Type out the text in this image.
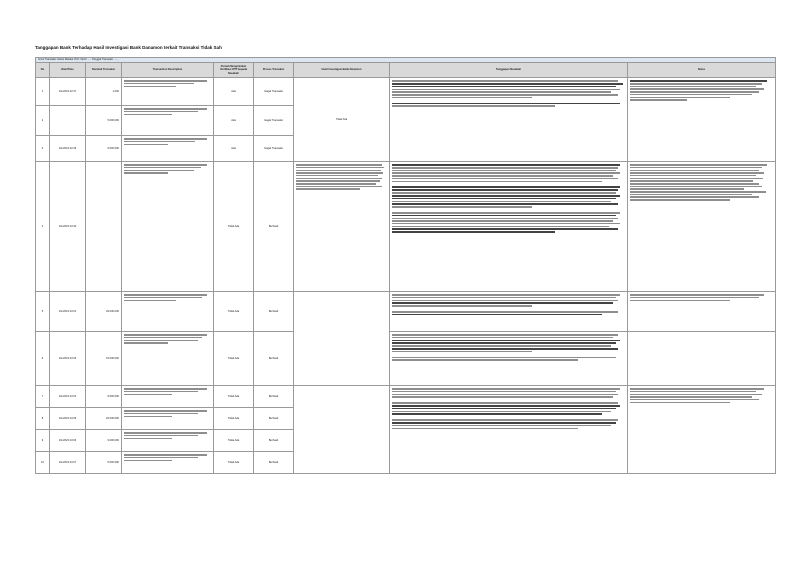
Tanggapan Bank Terhadap Hasil Investigasi Bank Danamon terkait Transaksi Tidak Sah
Jenis Transaksi: Debet Melalui VCC / ECC ..... Tanggal Transaksi .......								
No	Date/Time	Nominal Transaksi	Transaction Description	Pernah Mengirimkan Verifikasi OTP kepada Nasabah	Proses Transaksi	Hasil Investigasi Bank Danamon	Tanggapan Nasabah	Notes
1	2/1/2023 22:47	1.000		Ada	Gagal Transaksi	Tidak Ada	

2		5.000.000		Ada	Gagal Transaksi			
3	2/1/2023 22:49	5.000.000		Ada	Gagal Transaksi			
4	2/1/2023 23:40			Tidak Ada	Berhasil	

5	2/1/2023 23:01	49.000.000		Tidak Ada	Berhasil		

6	2/1/2023 23:03	15.000.000		Tidak Ada	Berhasil		

7	2/1/2023 23:04	9.000.000		Tidak Ada	Berhasil		

8	2/1/2023 23:05	20.000.000		Tidak Ada	Berhasil			
9	2/1/2023 23:06	9.000.000		Tidak Ada	Berhasil			
10	2/1/2023 23:07	5.000.000		Tidak Ada	Berhasil			
